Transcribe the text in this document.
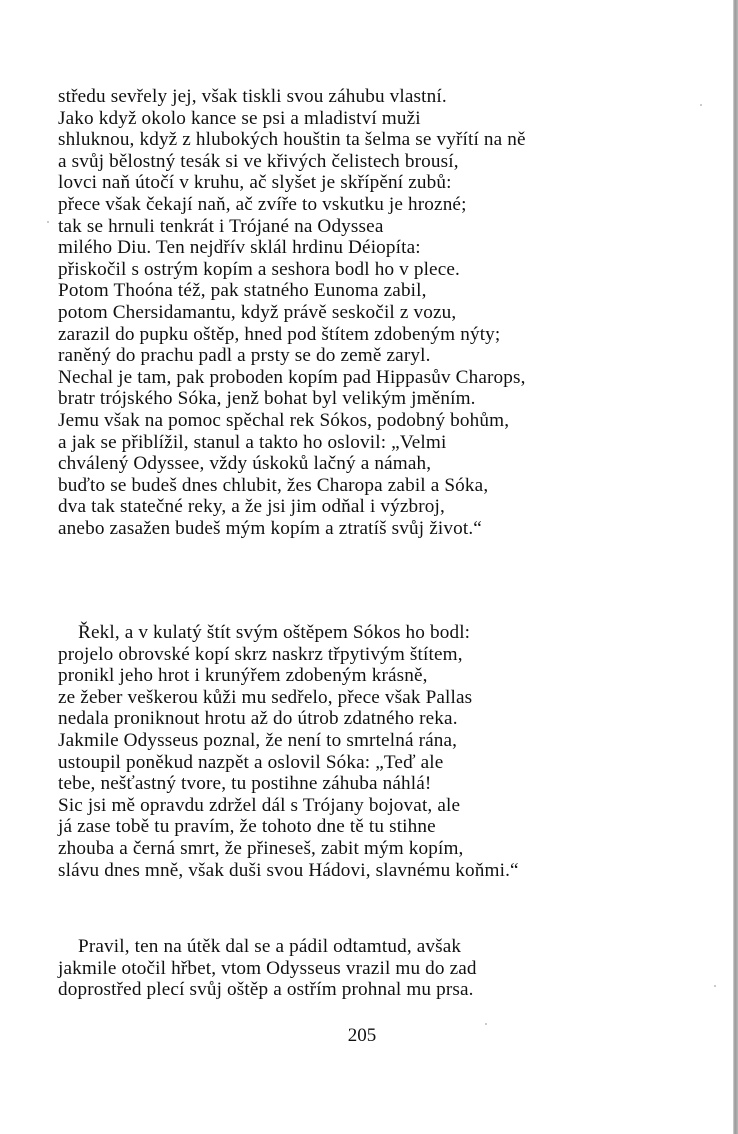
středu sevřely jej, však tiskli svou záhubu vlastní.
Jako když okolo kance se psi a mladiství muži
shluknou, když z hlubokých houštin ta šelma se vyřítí na ně
a svůj bělostný tesák si ve křivých čelistech brousí,
lovci naň útočí v kruhu, ač slyšet je skřípění zubů:
přece však čekají naň, ač zvíře to vskutku je hrozné;
tak se hrnuli tenkrát i Trójané na Odyssea
milého Diu. Ten nejdřív sklál hrdinu Déiopíta:
přiskočil s ostrým kopím a seshora bodl ho v plece.
Potom Thoóna též, pak statného Eunoma zabil,
potom Chersidamantu, když právě seskočil z vozu,
zarazil do pupku oštěp, hned pod štítem zdobeným nýty;
raněný do prachu padl a prsty se do země zaryl.
Nechal je tam, pak proboden kopím pad Hippasův Charops,
bratr trójského Sóka, jenž bohat byl velikým jměním.
Jemu však na pomoc spěchal rek Sókos, podobný bohům,
a jak se přiblížil, stanul a takto ho oslovil: „Velmi
chválený Odyssee, vždy úskoků lačný a námah,
buďto se budeš dnes chlubit, žes Charopa zabil a Sóka,
dva tak statečné reky, a že jsi jim odňal i výzbroj,
anebo zasažen budeš mým kopím a ztratíš svůj život.“
Řekl, a v kulatý štít svým oštěpem Sókos ho bodl:
projelo obrovské kopí skrz naskrz třpytivým štítem,
pronikl jeho hrot i krunýřem zdobeným krásně,
ze žeber veškerou kůži mu sedřelo, přece však Pallas
nedala proniknout hrotu až do útrob zdatného reka.
Jakmile Odysseus poznal, že není to smrtelná rána,
ustoupil poněkud nazpět a oslovil Sóka: „Teď ale
tebe, nešťastný tvore, tu postihne záhuba náhlá!
Sic jsi mě opravdu zdržel dál s Trójany bojovat, ale
já zase tobě tu pravím, že tohoto dne tě tu stihne
zhouba a černá smrt, že přineseš, zabit mým kopím,
slávu dnes mně, však duši svou Hádovi, slavnému koňmi.“
Pravil, ten na útěk dal se a pádil odtamtud, avšak
jakmile otočil hřbet, vtom Odysseus vrazil mu do zad
doprostřed plecí svůj oštěp a ostřím prohnal mu prsa.
205
